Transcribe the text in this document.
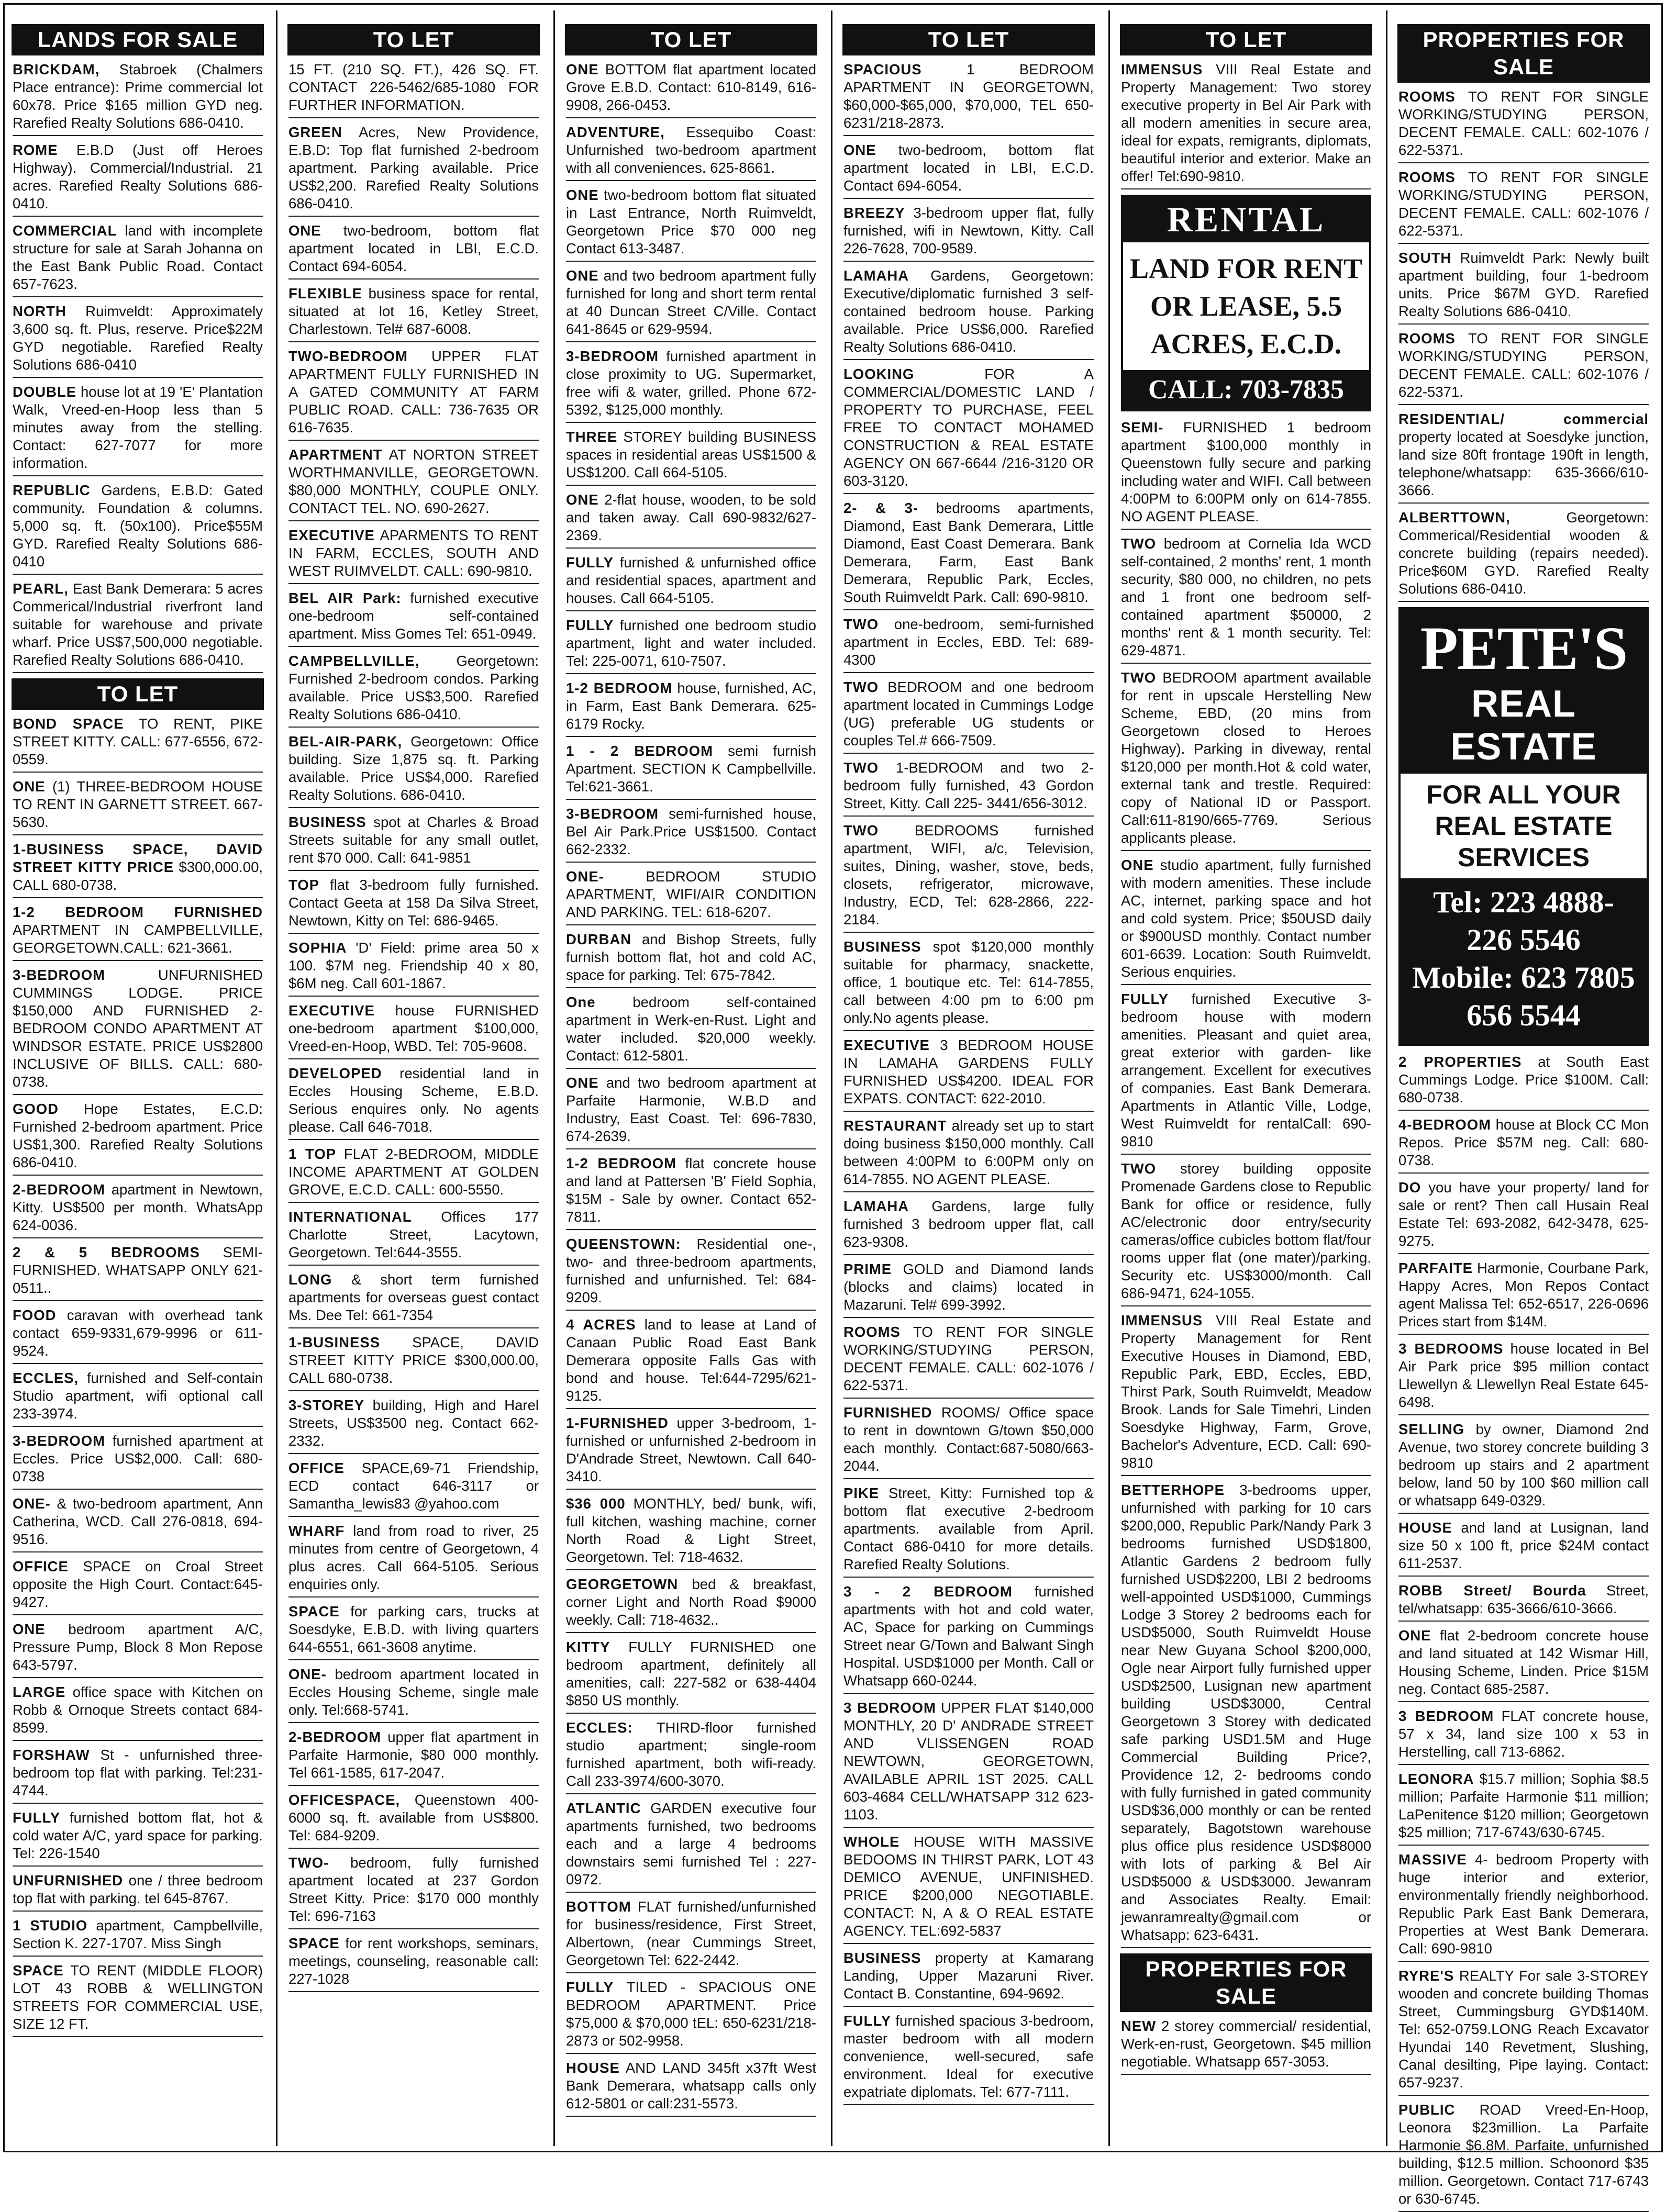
LANDS FOR SALE
BRICKDAM, Stabroek (Chalmers Place entrance): Prime commercial lot 60x78. Price $165 million GYD neg. Rarefied Realty Solutions 686-0410.
ROME E.B.D (Just off Heroes Highway). Commercial/Industrial. 21 acres. Rarefied Realty Solutions 686-0410.
COMMERCIAL land with incomplete structure for sale at Sarah Johanna on the East Bank Public Road. Contact 657-7623.
NORTH Ruimveldt: Approximately 3,600 sq. ft. Plus, reserve. Price$22M GYD negotiable. Rarefied Realty Solutions 686-0410
DOUBLE house lot at 19 'E' Plantation Walk, Vreed-en-Hoop less than 5 minutes away from the stelling. Contact: 627-7077 for more information.
REPUBLIC Gardens, E.B.D: Gated community. Foundation & columns. 5,000 sq. ft. (50x100). Price$55M GYD. Rarefied Realty Solutions 686-0410
PEARL, East Bank Demerara: 5 acres Commerical/Industrial riverfront land suitable for warehouse and private wharf. Price US$7,500,000 negotiable. Rarefied Realty Solutions 686-0410.
TO LET
BOND SPACE TO RENT, PIKE STREET KITTY. CALL: 677-6556, 672-0559.
ONE (1) THREE-BEDROOM HOUSE TO RENT IN GARNETT STREET. 667-5630.
1-BUSINESS SPACE, DAVID STREET KITTY PRICE $300,000.00, CALL 680-0738.
1-2 BEDROOM FURNISHED APARTMENT IN CAMPBELLVILLE, GEORGETOWN.CALL: 621-3661.
3-BEDROOM	UNFURNISHED CUMMINGS LODGE. PRICE $150,000 AND FURNISHED 2-BEDROOM CONDO APARTMENT AT WINDSOR ESTATE. PRICE US$2800 INCLUSIVE OF BILLS. CALL: 680-0738.
GOOD Hope Estates, E.C.D: Furnished 2-bedroom apartment. Price US$1,300. Rarefied Realty Solutions 686-0410.
2-BEDROOM apartment in Newtown, Kitty. US$500 per month. WhatsApp 624-0036.
2 & 5 BEDROOMS SEMI-FURNISHED. WHATSAPP ONLY 621-0511..
FOOD caravan with overhead tank contact 659-9331,679-9996 or 611-9524.
ECCLES, furnished and Self-contain Studio apartment, wifi optional call 233-3974.
3-BEDROOM furnished apartment at Eccles. Price US$2,000. Call: 680-0738
ONE- & two-bedroom apartment, Ann Catherina, WCD. Call 276-0818, 694-9516.
OFFICE SPACE on Croal Street opposite the High Court. Contact:645-9427.
ONE bedroom apartment A/C, Pressure Pump, Block 8 Mon Repose 643-5797.
LARGE office space with Kitchen on Robb & Ornoque Streets contact 684-8599.
FORSHAW St - unfurnished three-bedroom top flat with parking. Tel:231-4744.
FULLY furnished bottom flat, hot & cold water A/C, yard space for parking. Tel: 226-1540
UNFURNISHED one / three bedroom top flat with parking. tel 645-8767.
1 STUDIO apartment, Campbellville, Section K. 227-1707. Miss Singh
SPACE TO RENT (MIDDLE FLOOR) LOT 43 ROBB & WELLINGTON STREETS FOR COMMERCIAL USE, SIZE 12 FT.
TO LET
15 FT. (210 SQ. FT.), 426 SQ. FT. CONTACT 226-5462/685-1080 FOR FURTHER INFORMATION.
GREEN Acres, New Providence, E.B.D: Top flat furnished 2-bedroom apartment. Parking available. Price US$2,200. Rarefied Realty Solutions 686-0410.
ONE two-bedroom, bottom flat apartment located in LBI, E.C.D. Contact 694-6054.
FLEXIBLE business space for rental, situated at lot 16, Ketley Street, Charlestown. Tel# 687-6008.
TWO-BEDROOM UPPER FLAT APARTMENT FULLY FURNISHED IN A GATED COMMUNITY AT FARM PUBLIC ROAD. CALL: 736-7635 OR 616-7635.
APARTMENT AT NORTON STREET WORTHMANVILLE, GEORGETOWN. $80,000 MONTHLY, COUPLE ONLY. CONTACT TEL. NO. 690-2627.
EXECUTIVE APARMENTS TO RENT IN FARM, ECCLES, SOUTH AND WEST RUIMVELDT. CALL: 690-9810.
BEL AIR Park: furnished executive one-bedroom self-contained apartment. Miss Gomes Tel: 651-0949.
CAMPBELLVILLE,	Georgetown: Furnished 2-bedroom condos. Parking available. Price US$3,500. Rarefied Realty Solutions 686-0410.
BEL-AIR-PARK, Georgetown: Office building. Size 1,875 sq. ft. Parking available. Price US$4,000. Rarefied Realty Solutions. 686-0410.
BUSINESS spot at Charles & Broad Streets suitable for any small outlet, rent $70 000. Call: 641-9851
TOP flat 3-bedroom fully furnished. Contact Geeta at 158 Da Silva Street, Newtown, Kitty on Tel: 686-9465.
SOPHIA 'D' Field: prime area 50 x 100. $7M neg. Friendship 40 x 80, $6M neg. Call 601-1867.
EXECUTIVE house FURNISHED one-bedroom apartment $100,000, Vreed-en-Hoop, WBD. Tel: 705-9608.
DEVELOPED residential land in Eccles Housing Scheme, E.B.D. Serious enquires only. No agents please. Call 646-7018.
1 TOP FLAT 2-BEDROOM, MIDDLE INCOME APARTMENT AT GOLDEN GROVE, E.C.D. CALL: 600-5550.
INTERNATIONAL Offices 177 Charlotte Street, Lacytown, Georgetown. Tel:644-3555.
LONG & short term furnished apartments for overseas guest contact Ms. Dee Tel: 661-7354
1-BUSINESS SPACE, DAVID STREET KITTY PRICE $300,000.00, CALL 680-0738.
3-STOREY building, High and Harel Streets, US$3500 neg. Contact 662-2332.
OFFICE SPACE,69-71 Friendship, ECD contact 646-3117 or Samantha_lewis83 @yahoo.com
WHARF land from road to river, 25 minutes from centre of Georgetown, 4 plus acres. Call 664-5105. Serious enquiries only.
SPACE for parking cars, trucks at Soesdyke, E.B.D. with living quarters 644-6551, 661-3608 anytime.
ONE- bedroom apartment located in Eccles Housing Scheme, single male only. Tel:668-5741.
2-BEDROOM upper flat apartment in Parfaite Harmonie, $80 000 monthly. Tel 661-1585, 617-2047.
OFFICESPACE, Queenstown 400-6000 sq. ft. available from US$800. Tel: 684-9209.
TWO- bedroom, fully furnished apartment located at 237 Gordon Street Kitty. Price: $170 000 monthly Tel: 696-7163
SPACE for rent workshops, seminars, meetings, counseling, reasonable call: 227-1028
TO LET
ONE BOTTOM flat apartment located Grove E.B.D. Contact: 610-8149, 616-9908, 266-0453.
ADVENTURE, Essequibo Coast: Unfurnished two-bedroom apartment with all conveniences. 625-8661.
ONE two-bedroom bottom flat situated in Last Entrance, North Ruimveldt, Georgetown Price $70 000 neg Contact 613-3487.
ONE and two bedroom apartment fully furnished for long and short term rental at 40 Duncan Street C/Ville. Contact 641-8645 or 629-9594.
3-BEDROOM furnished apartment in close proximity to UG. Supermarket, free wifi & water, grilled. Phone 672-5392, $125,000 monthly.
THREE STOREY building BUSINESS spaces in residential areas US$1500 & US$1200. Call 664-5105.
ONE 2-flat house, wooden, to be sold and taken away. Call 690-9832/627-2369.
FULLY furnished & unfurnished office and residential spaces, apartment and houses. Call 664-5105.
FULLY furnished one bedroom studio apartment, light and water included. Tel: 225-0071, 610-7507.
1-2 BEDROOM house, furnished, AC, in Farm, East Bank Demerara. 625-6179 Rocky.
1 - 2 BEDROOM semi furnish Apartment. SECTION K Campbellville. Tel:621-3661.
3-BEDROOM semi-furnished house, Bel Air Park.Price US$1500. Contact 662-2332.
ONE-	BEDROOM STUDIO APARTMENT, WIFI/AIR CONDITION AND PARKING. TEL: 618-6207.
DURBAN and Bishop Streets, fully furnish bottom flat, hot and cold AC, space for parking. Tel: 675-7842.
One	bedroom self-contained apartment in Werk-en-Rust. Light and water included. $20,000 weekly. Contact: 612-5801.
ONE and two bedroom apartment at Parfaite Harmonie, W.B.D and Industry, East Coast. Tel: 696-7830, 674-2639.
1-2 BEDROOM flat concrete house and land at Pattersen 'B' Field Sophia, $15M - Sale by owner. Contact 652-7811.
QUEENSTOWN: Residential one-, two- and three-bedroom apartments, furnished and unfurnished. Tel: 684-9209.
4 ACRES land to lease at Land of Canaan Public Road East Bank Demerara opposite Falls Gas with bond and house. Tel:644-7295/621-9125.
1-FURNISHED upper 3-bedroom, 1-furnished or unfurnished 2-bedroom in D'Andrade Street, Newtown. Call 640-3410.
$36 000 MONTHLY, bed/ bunk, wifi, full kitchen, washing machine, corner North Road & Light Street, Georgetown. Tel: 718-4632.
GEORGETOWN bed & breakfast, corner Light and North Road $9000 weekly. Call: 718-4632..
KITTY FULLY FURNISHED one bedroom apartment, definitely all amenities, call: 227-582 or 638-4404 $850 US monthly.
ECCLES: THIRD-floor furnished studio apartment; single-room furnished apartment, both wifi-ready. Call 233-3974/600-3070.
ATLANTIC GARDEN executive four apartments furnished, two bedrooms each and a large 4 bedrooms downstairs semi furnished Tel : 227-0972.
BOTTOM FLAT furnished/unfurnished for business/residence, First Street, Albertown, (near Cummings Street, Georgetown Tel: 622-2442.
FULLY TILED - SPACIOUS ONE BEDROOM APARTMENT. Price $75,000 & $70,000 tEL: 650-6231/218-2873 or 502-9958.
HOUSE AND LAND 345ft x37ft West Bank Demerara, whatsapp calls only 612-5801 or call:231-5573.
TO LET
SPACIOUS	1 BEDROOM APARTMENT IN GEORGETOWN, $60,000-$65,000, $70,000, TEL 650-6231/218-2873.
ONE two-bedroom, bottom flat apartment located in LBI, E.C.D. Contact 694-6054.
BREEZY 3-bedroom upper flat, fully furnished, wifi in Newtown, Kitty. Call 226-7628, 700-9589.
LAMAHA Gardens, Georgetown: Executive/diplomatic furnished 3 self-contained bedroom house. Parking available. Price US$6,000. Rarefied Realty Solutions 686-0410.
LOOKING	FOR A COMMERCIAL/DOMESTIC LAND / PROPERTY TO PURCHASE, FEEL FREE TO CONTACT MOHAMED CONSTRUCTION & REAL ESTATE AGENCY ON 667-6644 /216-3120 OR 603-3120.
2- & 3- bedrooms apartments, Diamond, East Bank Demerara, Little Diamond, East Coast Demerara. Bank Demerara, Farm, East Bank Demerara, Republic Park, Eccles, South Ruimveldt Park. Call: 690-9810.
TWO one-bedroom, semi-furnished apartment in Eccles, EBD. Tel: 689-4300
TWO BEDROOM and one bedroom apartment located in Cummings Lodge (UG) preferable UG students or couples Tel.# 666-7509.
TWO 1-BEDROOM and two 2-bedroom fully furnished, 43 Gordon Street, Kitty. Call 225- 3441/656-3012.
TWO BEDROOMS furnished apartment, WIFI, a/c, Television, suites, Dining, washer, stove, beds, closets, refrigerator, microwave, Industry, ECD, Tel: 628-2866, 222-2184.
BUSINESS spot $120,000 monthly suitable for pharmacy, snackette, office, 1 boutique etc. Tel: 614-7855, call between 4:00 pm to 6:00 pm only.No agents please.
EXECUTIVE 3 BEDROOM HOUSE IN LAMAHA GARDENS FULLY FURNISHED US$4200. IDEAL FOR EXPATS. CONTACT: 622-2010.
RESTAURANT already set up to start doing business $150,000 monthly. Call between 4:00PM to 6:00PM only on 614-7855. NO AGENT PLEASE.
LAMAHA Gardens, large fully furnished 3 bedroom upper flat, call 623-9308.
PRIME GOLD and Diamond lands (blocks and claims) located in Mazaruni. Tel# 699-3992.
ROOMS TO RENT FOR SINGLE WORKING/STUDYING PERSON, DECENT FEMALE. CALL: 602-1076 / 622-5371.
FURNISHED ROOMS/ Office space to rent in downtown G/town $50,000 each monthly. Contact:687-5080/663-2044.
PIKE Street, Kitty: Furnished top & bottom flat executive 2-bedroom apartments. available from April. Contact 686-0410 for more details. Rarefied Realty Solutions.
3 - 2 BEDROOM furnished apartments with hot and cold water, AC, Space for parking on Cummings Street near G/Town and Balwant Singh Hospital. USD$1000 per Month. Call or Whatsapp 660-0244.
3 BEDROOM UPPER FLAT $140,000 MONTHLY, 20 D' ANDRADE STREET AND VLISSENGEN ROAD NEWTOWN, GEORGETOWN, AVAILABLE APRIL 1ST 2025. CALL 603-4684 CELL/WHATSAPP 312 623-1103.
WHOLE HOUSE WITH MASSIVE BEDOOMS IN THIRST PARK, LOT 43 DEMICO AVENUE, UNFINISHED. PRICE $200,000 NEGOTIABLE. CONTACT: N, A & O REAL ESTATE AGENCY. TEL:692-5837
BUSINESS property at Kamarang Landing, Upper Mazaruni River. Contact B. Constantine, 694-9692.
FULLY furnished spacious 3-bedroom, master bedroom with all modern convenience, well-secured, safe environment. Ideal for executive expatriate diplomats. Tel: 677-7111.
TO LET
IMMENSUS VIII Real Estate and Property Management: Two storey executive property in Bel Air Park with all modern amenities in secure area, ideal for expats, remigrants, diplomats, beautiful interior and exterior. Make an offer! Tel:690-9810.
RENTAL
LAND FOR RENT OR LEASE, 5.5 ACRES, E.C.D.
CALL: 703-7835
SEMI- FURNISHED 1 bedroom apartment $100,000 monthly in Queenstown fully secure and parking including water and WIFI. Call between 4:00PM to 6:00PM only on 614-7855. NO AGENT PLEASE.
TWO bedroom at Cornelia Ida WCD self-contained, 2 months' rent, 1 month security, $80 000, no children, no pets and 1 front one bedroom self-contained apartment $50000, 2 months' rent & 1 month security. Tel: 629-4871.
TWO BEDROOM apartment available for rent in upscale Herstelling New Scheme, EBD, (20 mins from Georgetown closed to Heroes Highway). Parking in diveway, rental $120,000 per month.Hot & cold water, external tank and trestle. Required: copy of National ID or Passport. Call:611-8190/665-7769. Serious applicants please.
ONE studio apartment, fully furnished with modern amenities. These include AC, internet, parking space and hot and cold system. Price; $50USD daily or $900USD monthly. Contact number 601-6639. Location: South Ruimveldt. Serious enquiries.
FULLY furnished Executive 3-bedroom house with modern amenities. Pleasant and quiet area, great exterior with garden- like arrangement. Excellent for executives of companies. East Bank Demerara. Apartments in Atlantic Ville, Lodge, West Ruimveldt for rentalCall: 690-9810
TWO storey building opposite Promenade Gardens close to Republic Bank for office or residence, fully AC/electronic door entry/security cameras/office cubicles bottom flat/four rooms upper flat (one mater)/parking. Security etc. US$3000/month. Call 686-9471, 624-1055.
IMMENSUS VIII Real Estate and Property Management for Rent Executive Houses in Diamond, EBD, Republic Park, EBD, Eccles, EBD, Thirst Park, South Ruimveldt, Meadow Brook. Lands for Sale Timehri, Linden Soesdyke Highway, Farm, Grove, Bachelor's Adventure, ECD. Call: 690-9810
BETTERHOPE 3-bedrooms upper, unfurnished with parking for 10 cars $200,000, Republic Park/Nandy Park 3 bedrooms furnished USD$1800, Atlantic Gardens 2 bedroom fully furnished USD$2200, LBI 2 bedrooms well-appointed USD$1000, Cummings Lodge 3 Storey 2 bedrooms each for USD$5000, South Ruimveldt House near New Guyana School $200,000, Ogle near Airport fully furnished upper USD$2500, Lusignan new apartment building USD$3000, Central Georgetown 3 Storey with dedicated safe parking USD1.5M and Huge Commercial Building Price?, Providence 12, 2- bedrooms condo with fully furnished in gated community USD$36,000 monthly or can be rented separately, Bagotstown warehouse plus office plus residence USD$8000 with lots of parking & Bel Air USD$5000 & USD$3000. Jewanram and Associates Realty. Email: jewanramrealty@gmail.com or Whatsapp: 623-6431.
PROPERTIES FOR SALE
NEW 2 storey commercial/ residential, Werk-en-rust, Georgetown. $45 million negotiable. Whatsapp 657-3053.
PROPERTIES FOR SALE
ROOMS TO RENT FOR SINGLE WORKING/STUDYING PERSON, DECENT FEMALE. CALL: 602-1076 / 622-5371.
ROOMS TO RENT FOR SINGLE WORKING/STUDYING PERSON, DECENT FEMALE. CALL: 602-1076 / 622-5371.
SOUTH Ruimveldt Park: Newly built apartment building, four 1-bedroom units. Price $67M GYD. Rarefied Realty Solutions 686-0410.
ROOMS TO RENT FOR SINGLE WORKING/STUDYING PERSON, DECENT FEMALE. CALL: 602-1076 / 622-5371.
RESIDENTIAL/ commercial property located at Soesdyke junction, land size 80ft frontage 190ft in length, telephone/whatsapp: 635-3666/610-3666.
ALBERTTOWN,	Georgetown: Commerical/Residential wooden & concrete building (repairs needed). Price$60M GYD. Rarefied Realty Solutions 686-0410.
PETE'S
REAL ESTATE
FOR ALL YOUR REAL ESTATE SERVICES
Tel: 223 4888-
226 5546
Mobile: 623 7805
656 5544
2 PROPERTIES at South East Cummings Lodge. Price $100M. Call: 680-0738.
4-BEDROOM house at Block CC Mon Repos. Price $57M neg. Call: 680-0738.
DO you have your property/ land for sale or rent? Then call Husain Real Estate Tel: 693-2082, 642-3478, 625-9275.
PARFAITE Harmonie, Courbane Park, Happy Acres, Mon Repos Contact agent Malissa Tel: 652-6517, 226-0696 Prices start from $14M.
3 BEDROOMS house located in Bel Air Park price $95 million contact Llewellyn & Llewellyn Real Estate 645-6498.
SELLING by owner, Diamond 2nd Avenue, two storey concrete building 3 bedroom up stairs and 2 apartment below, land 50 by 100 $60 million call or whatsapp 649-0329.
HOUSE and land at Lusignan, land size 50 x 100 ft, price $24M contact 611-2537.
ROBB Street/ Bourda Street, tel/whatsapp: 635-3666/610-3666.
ONE flat 2-bedroom concrete house and land situated at 142 Wismar Hill, Housing Scheme, Linden. Price $15M neg. Contact 685-2587.
3 BEDROOM FLAT concrete house, 57 x 34, land size 100 x 53 in Herstelling, call 713-6862.
LEONORA $15.7 million; Sophia $8.5 million; Parfaite Harmonie $11 million; LaPenitence $120 million; Georgetown $25 million; 717-6743/630-6745.
MASSIVE 4- bedroom Property with huge interior and exterior, environmentally friendly neighborhood. Republic Park East Bank Demerara, Properties at West Bank Demerara. Call: 690-9810
RYRE'S REALTY For sale 3-STOREY wooden and concrete building Thomas Street, Cummingsburg GYD$140M. Tel: 652-0759.LONG Reach Excavator Hyundai 140 Revetment, Slushing, Canal desilting, Pipe laying. Contact: 657-9237.
PUBLIC ROAD Vreed-En-Hoop, Leonora $23million. La Parfaite Harmonie $6.8M. Parfaite, unfurnished building, $12.5 million. Schoonord $35 million. Georgetown. Contact 717-6743 or 630-6745.
